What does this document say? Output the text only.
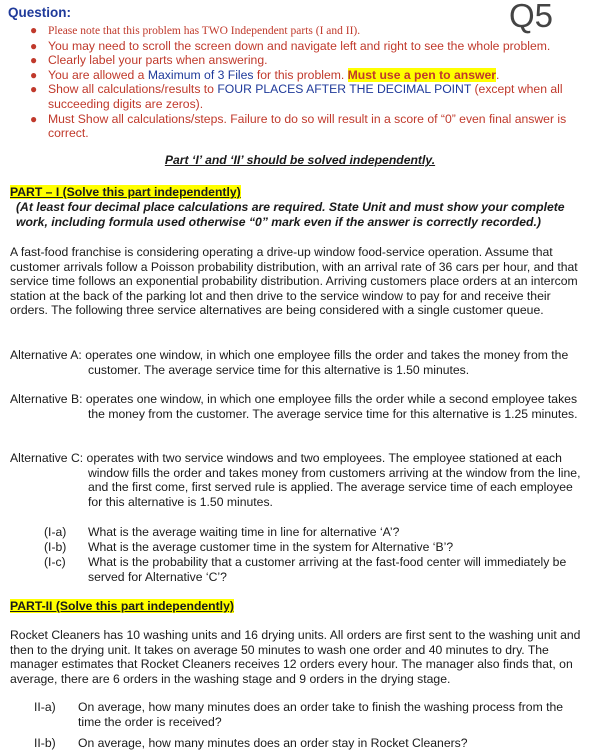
Question:	Q5
● Please note that this problem has TWO Independent parts (I and II).
● You may need to scroll the screen down and navigate left and right to see the whole problem.
● Clearly label your parts when answering.
● You are allowed a Maximum of 3 Files for this problem. Must use a pen to answer.
● Show all calculations/results to FOUR PLACES AFTER THE DECIMAL POINT (except when all succeeding digits are zeros).
● Must Show all calculations/steps. Failure to do so will result in a score of “0” even final answer is correct.
Part ‘I’ and ‘II’ should be solved independently.
PART – I (Solve this part independently)
(At least four decimal place calculations are required. State Unit and must show your complete work, including formula used otherwise “0” mark even if the answer is correctly recorded.)
A fast-food franchise is considering operating a drive-up window food-service operation. Assume that customer arrivals follow a Poisson probability distribution, with an arrival rate of 36 cars per hour, and that service time follows an exponential probability distribution. Arriving customers place orders at an intercom station at the back of the parking lot and then drive to the service window to pay for and receive their orders. The following three service alternatives are being considered with a single customer queue.
Alternative A: operates one window, in which one employee fills the order and takes the money from the customer. The average service time for this alternative is 1.50 minutes.
Alternative B: operates one window, in which one employee fills the order while a second employee takes the money from the customer. The average service time for this alternative is 1.25 minutes.
Alternative C: operates with two service windows and two employees. The employee stationed at each window fills the order and takes money from customers arriving at the window from the line, and the first come, first served rule is applied. The average service time of each employee for this alternative is 1.50 minutes.
(I-a) What is the average waiting time in line for alternative ‘A’?
(I-b) What is the average customer time in the system for Alternative ‘B’?
(I-c) What is the probability that a customer arriving at the fast-food center will immediately be served for Alternative ‘C’?
PART-II (Solve this part independently)
Rocket Cleaners has 10 washing units and 16 drying units. All orders are first sent to the washing unit and then to the drying unit. It takes on average 50 minutes to wash one order and 40 minutes to dry. The manager estimates that Rocket Cleaners receives 12 orders every hour. The manager also finds that, on average, there are 6 orders in the washing stage and 9 orders in the drying stage.
II-a) On average, how many minutes does an order take to finish the washing process from the time the order is received?
II-b) On average, how many minutes does an order stay in Rocket Cleaners?
